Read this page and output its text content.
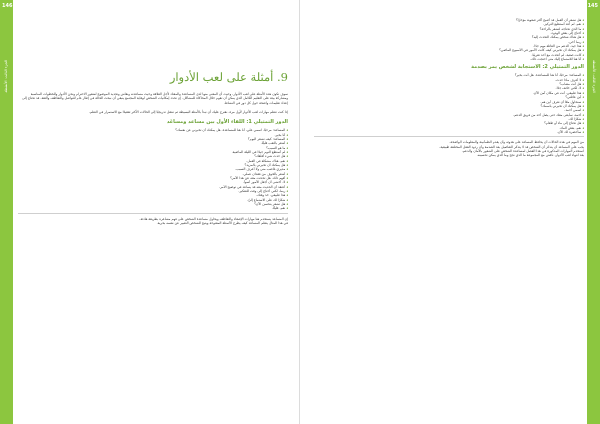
146
الجزء الثالث: الأنشطة	9. أمثلة على لعب الأدوار
سوف تكون هذه الأمثلة على لعب الأدوار، وحيث أن المعنى منها لدى المساعدة والمعتاد لأجل العلاقة وحيث مساعدته ونقاش وتحديد الموضوع لشعور الاحترام ونحن الأدوار وللخطوات المناسبة ومشاركة بيئة على التعليم الكامل الذي يمكن أن تقوم خلال المحاكاة للمشاكل. إن تحدد إمكانيات الشخص لوقاية المجتمع ينبغي أن نبحث الحالة في إطار عام للتواصل والتعاطف والثقة. قد تحتاج إلى إعداد تعليمات واضحة حول كل دور في النشاط.
إذا كنت تتعلم مهارات لعب الأدوار لأول مرة، نقترح عليك أن تبدأ بالأمثلة البسيطة ثم تنتقل تدريجيًا إلى الحالات الأكثر تعقيدًا مع الاستمرار في التعلم.
الدور التمثيلي 1: اللقاء الأول بين مساعد ومساعَد
◂ المساعد: مرحبًا. اسمي علي، أنا هنا للمساعدة. هل يمكنك أن تخبرني عن نفسك؟
◂ أنا بخير.
◂ المساعد: كيف تشعر اليوم؟
◂ أشعر بالتعب قليلًا.
◂ ما هو السبب؟
◂ لم أستطع النوم جيدًا في الليلة الماضية.
◂ هل حدث شيء أقلقك؟
◂ نعم، هناك مشكلة في العمل.
◂ هل يمكنك أن تخبرني بالمزيد؟
◂ مديري غاضب مني ولا أعرف السبب.
◂ أشعر بالخوف من فقدان عملي.
◂ أفهم ذلك. هل تحدثت معه عن هذا الأمر؟
◂ لا، أخشى أن أجعل الأمور أسوأ.
◂ أعتقد أن الحديث معه قد يساعد في توضيح الأمر.
◂ ربما، لكني أحتاج إلى وقت للتفكير.
◂ هذا طبيعي. خذ وقتك.
◂ شكرًا لك على الاستماع إليّ.
◂ هل تشعر بتحسن الآن؟
◂ نعم، قليلًا.
إن المساعد يستخدم هنا مهارات الإصغاء والتعاطف ويحاول مساعدة الشخص على فهم مشاعره بطريقة هادئة.
في هذا المثال يتعلم المساعد كيف يطرح الأسئلة المفتوحة ويتيح للشخص التعبير عن نفسه بحرية.
145
الجزء الثالث: الأنشطة
◂ هل تشعر أن العمل قد أصبح أكثر صعوبة مؤخرًا؟
◂ نعم، لم أعد أستطيع التركيز.
◂ ما الذي تحتاجه لتشعر بالراحة؟
◂ أحتاج إلى بعض الهدوء.
◂ هل هناك شخص يمكنك التحدث إليه؟
◂ ربما أخي.
◂ هذا جيد. الدعم من العائلة مهم جدًا.
◂ هل يمكنك أن تخبرني كيف كانت الأمور في الأسبوع الماضي؟
◂ كانت صعبة. لم أتحدث مع أحد تقريبًا.
◂ أنا هنا للاستماع إليك متى احتجت ذلك.
الدور التمثيلي 2: الاستجابة لشخص يمر بصدمة
◂ المساعد: مرحبًا، أنا هنا للمساعدة. هل أنت بخير؟
◂ لا أعرف ماذا حدث.
◂ هل أنت مصاب؟
◂ لا، لكني خائف جدًا.
◂ هذا طبيعي. أنت في مكان آمن الآن.
◂ أين عائلتي؟
◂ سنحاول معًا أن نعرف أين هم.
◂ هل يمكنك أن تخبرني باسمك؟
◂ اسمي أحمد.
◂ أحمد، سأبقى معك حتى يصل أحد من فريق الدعم.
◂ شكرًا لك.
◂ هل تحتاج إلى ماء أو طعام؟
◂ نعم، بعض الماء.
◂ سأحضره لك الآن.
من المهم في هذه الحالات أن يحافظ المساعد على هدوئه وأن يقدم الطمأنينة والمعلومات الواضحة.
يجب على المساعد أن يتذكر أن الشخص قد لا يتذكر التفاصيل بعد الصدمة وأن ردود الفعل المختلفة طبيعية.
استخدم المهارات المذكورة في هذا الفصل لمساعدة الشخص على الشعور بالأمان والدعم.
بعد انتهاء لعب الأدوار، ناقش مع المجموعة ما الذي نجح وما الذي يمكن تحسينه.
